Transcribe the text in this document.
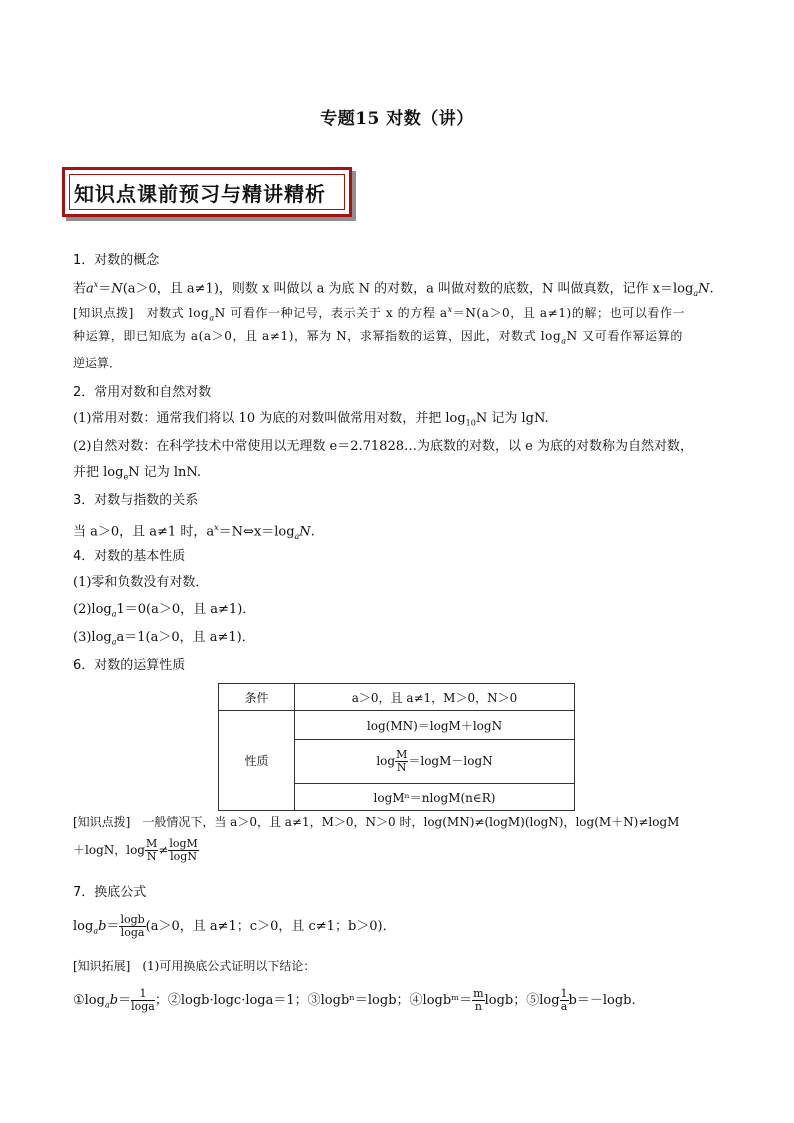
专题15 对数（讲）
知识点课前预习与精讲精析
1．对数的概念
若$a^x=N(a>0$，且 a≠1)，则数 x 叫做以 a 为底 N 的对数，a 叫做对数的底数，N 叫做真数，记作 $x=\log_aN$.
[知识点拨]　对数式 $\log_aN$ 可看作一种记号，表示关于 x 的方程 $a^x=N(a>0$，且 a≠1)的解；也可以看作一
种运算，即已知底为 a(a＞0，且 a≠1)，幂为 N，求幂指数的运算，因此，对数式 $\log_aN$ 又可看作幂运算的
逆运算．
2．常用对数和自然对数
(1)常用对数：通常我们将以 10 为底的对数叫做常用对数，并把 $\log_{10}N$ 记为 lgN.
(2)自然对数：在科学技术中常使用以无理数 e＝2.71828…为底数的对数，以 e 为底的对数称为自然对数，
并把 $\log_eN$ 记为 lnN.
3．对数与指数的关系
当 a＞0，且 a≠1 时，$a^x=N\Leftrightarrow x=\log_aN$.
4．对数的基本性质
(1)零和负数没有对数．
$(2)\log_a1=0(a>0$，且 a≠1)．
$(3)\log_aa=1(a>0$，且 a≠1)．
6．对数的运算性质
条件	a＞0，且 a≠1，M＞0，N＞0
性质	log(MN)＝logM＋logN
	$\log \frac{M}{N} =\log M-\log N$
	logMⁿ＝nlogM(n∈R)
[知识点拨]　一般情况下，当 a＞0，且 a≠1，M＞0，N＞0 时，log(MN)≠(logM)(logN)，log(M＋N)≠logM
＋logN，$\log \frac{M}{N} \ne \frac{\log M}{\log N}$
7．换底公式
$\log_ab= \frac{\log b}{\log a} (a>0$，且 a≠1；c＞0，且 c≠1；b＞0)．
[知识拓展]　(1)可用换底公式证明以下结论：
$①\log_ab= \frac{1}{\log a}$ ；②logb·logc·loga＝1；③logbⁿ＝logb；④logbᵐ＝ $\frac{m}{n}$ logb；⑤log $\frac{1}{a} b=-\log b$.
